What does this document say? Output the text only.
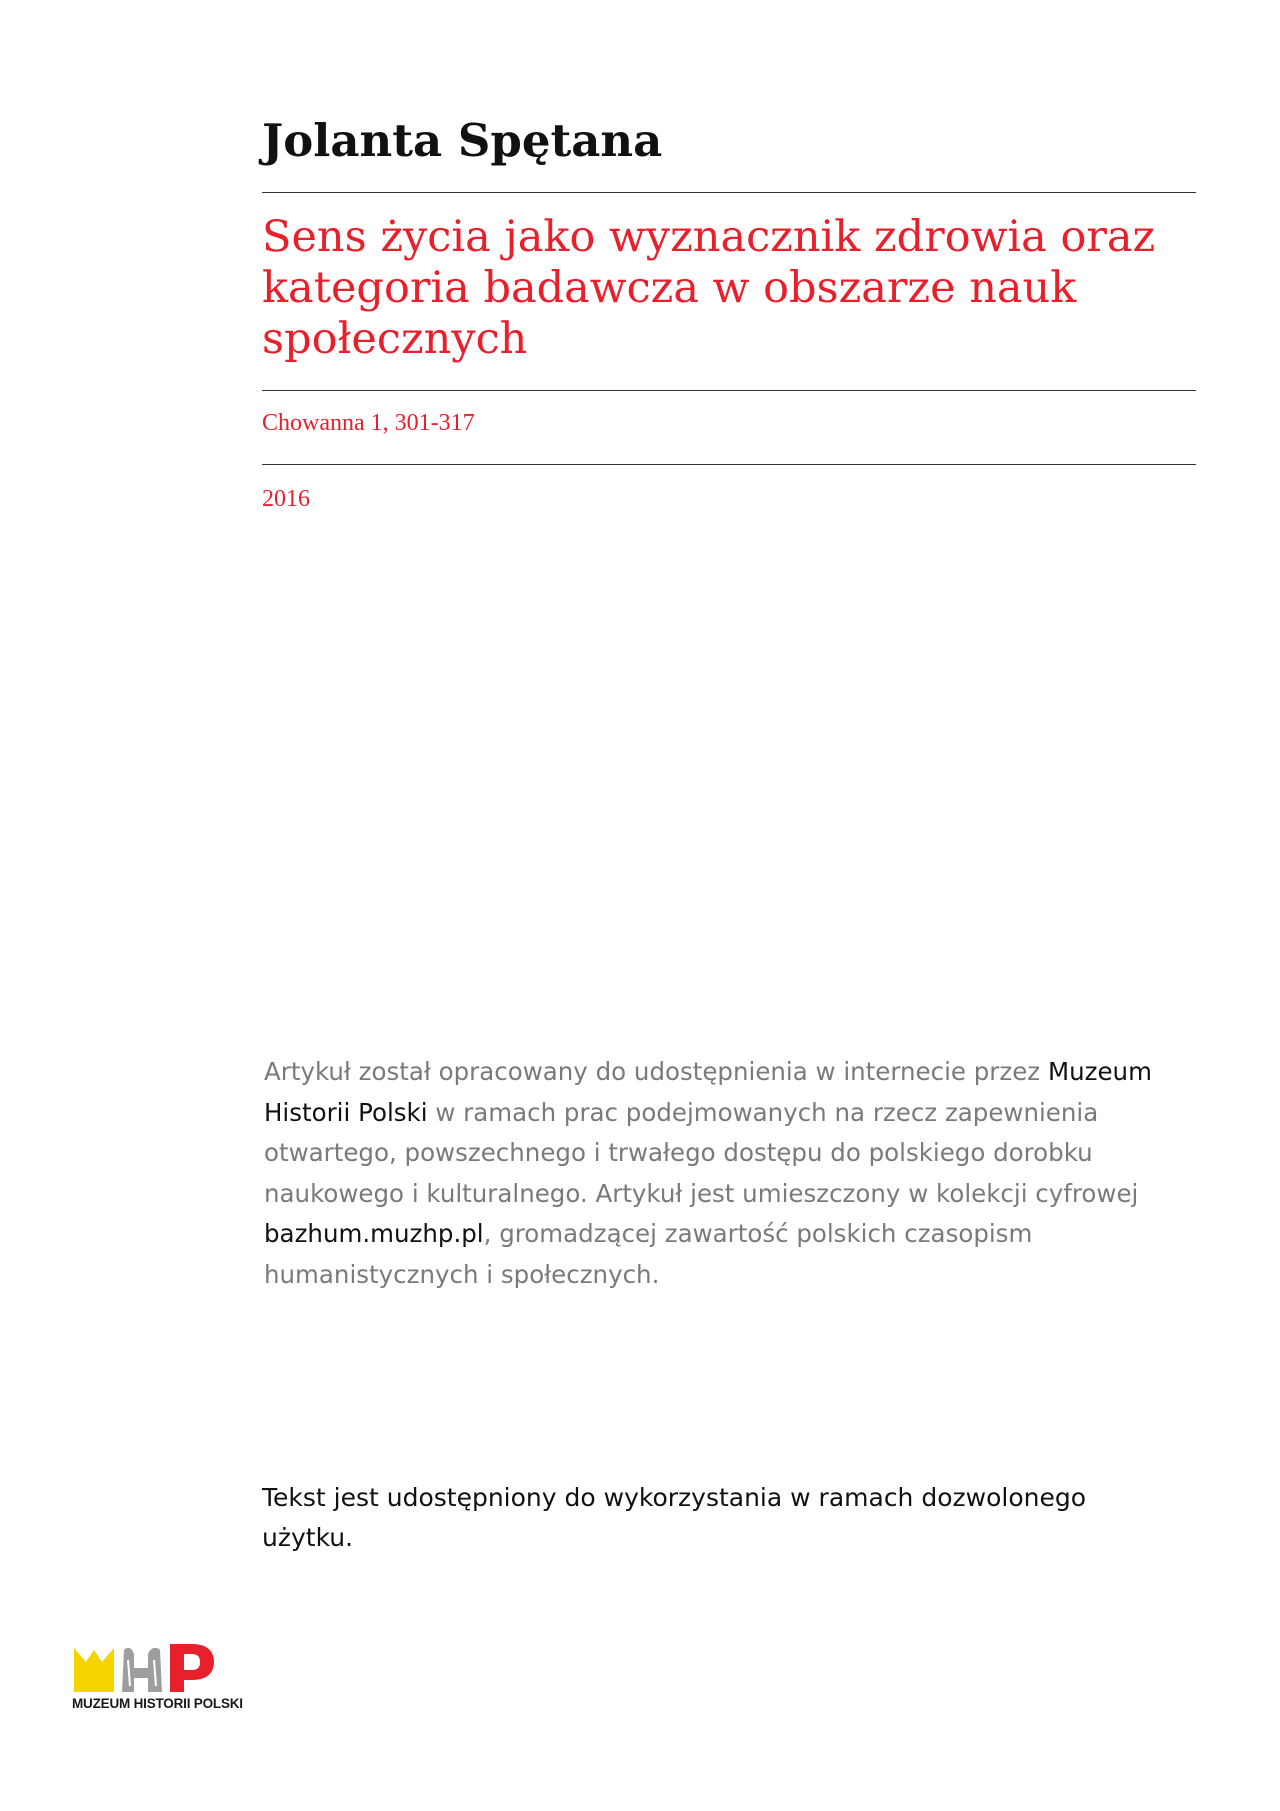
Jolanta Spętana
Sens życia jako wyznacznik zdrowia oraz kategoria badawcza w obszarze nauk społecznych
Chowanna 1, 301-317
2016
Artykuł został opracowany do udostępnienia w internecie przez Muzeum Historii Polski w ramach prac podejmowanych na rzecz zapewnienia otwartego, powszechnego i trwałego dostępu do polskiego dorobku naukowego i kulturalnego. Artykuł jest umieszczony w kolekcji cyfrowej bazhum.muzhp.pl, gromadzącej zawartość polskich czasopism humanistycznych i społecznych.
Tekst jest udostępniony do wykorzystania w ramach dozwolonego użytku.
MUZEUM HISTORII POLSKI
